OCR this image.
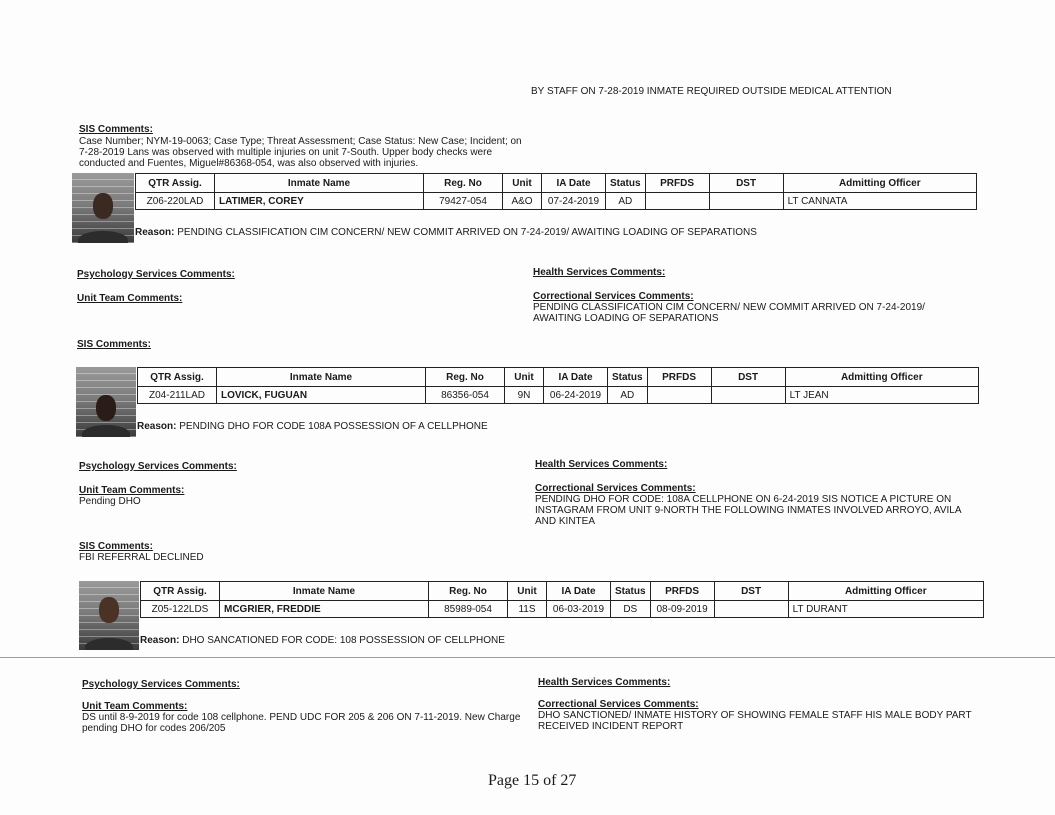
BY STAFF ON 7-28-2019 INMATE REQUIRED OUTSIDE MEDICAL ATTENTION
SIS Comments:
Case Number; NYM-19-0063; Case Type; Threat Assessment; Case Status: New Case; Incident; on
7-28-2019 Lans was observed with multiple injuries on unit 7-South. Upper body checks were
conducted and Fuentes, Miguel#86368-054, was also observed with injuries.
QTR Assig.	Inmate Name	Reg. No	Unit	IA Date	Status	PRFDS	DST	Admitting Officer
Z06-220LAD	LATIMER, COREY	79427-054	A&O	07-24-2019	AD			LT CANNATA
Reason: PENDING CLASSIFICATION CIM CONCERN/ NEW COMMIT ARRIVED ON 7-24-2019/ AWAITING LOADING OF SEPARATIONS
Psychology Services Comments:
Unit Team Comments:
SIS Comments:
Health Services Comments:
Correctional Services Comments:
PENDING CLASSIFICATION CIM CONCERN/ NEW COMMIT ARRIVED ON 7-24-2019/
AWAITING LOADING OF SEPARATIONS
QTR Assig.	Inmate Name	Reg. No	Unit	IA Date	Status	PRFDS	DST	Admitting Officer
Z04-211LAD	LOVICK, FUGUAN	86356-054	9N	06-24-2019	AD			LT JEAN
Reason: PENDING DHO FOR CODE 108A POSSESSION OF A CELLPHONE
Psychology Services Comments:
Unit Team Comments:
Pending DHO
SIS Comments:
FBI REFERRAL DECLINED
Health Services Comments:
Correctional Services Comments:
PENDING DHO FOR CODE: 108A CELLPHONE ON 6-24-2019 SIS NOTICE A PICTURE ON
INSTAGRAM FROM UNIT 9-NORTH THE FOLLOWING INMATES INVOLVED ARROYO, AVILA
AND KINTEA
QTR Assig.	Inmate Name	Reg. No	Unit	IA Date	Status	PRFDS	DST	Admitting Officer
Z05-122LDS	MCGRIER, FREDDIE	85989-054	11S	06-03-2019	DS	08-09-2019		LT DURANT
Reason: DHO SANCATIONED FOR CODE: 108 POSSESSION OF CELLPHONE
Psychology Services Comments:
Unit Team Comments:
DS until 8-9-2019 for code 108 cellphone. PEND UDC FOR 205 & 206 ON 7-11-2019. New Charge
pending DHO for codes 206/205
Health Services Comments:
Correctional Services Comments:
DHO SANCTIONED/ INMATE HISTORY OF SHOWING FEMALE STAFF HIS MALE BODY PART
RECEIVED INCIDENT REPORT
Page 15 of 27
